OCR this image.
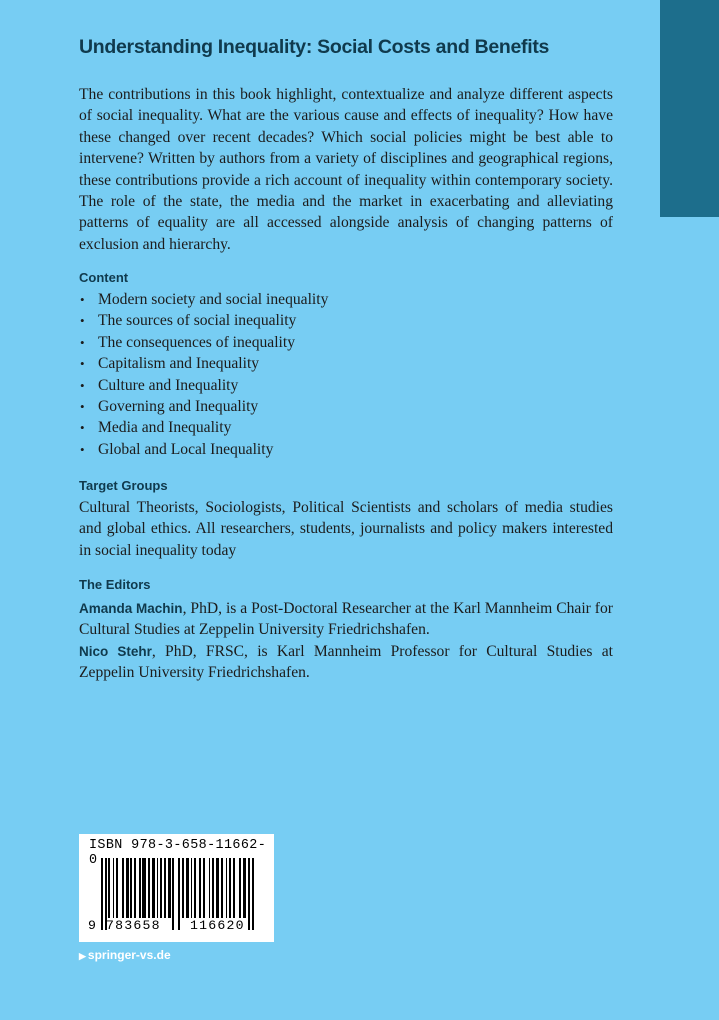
Understanding Inequality: Social Costs and Benefits
The contributions in this book highlight, contextualize and analyze different aspects of social inequality. What are the various cause and effects of inequality? How have these changed over recent decades? Which social policies might be best able to intervene? Written by authors from a variety of disciplines and geographical regions, these contributions provide a rich account of inequality within contemporary society. The role of the state, the media and the market in exacerbating and alleviating patterns of equality are all accessed alongside analysis of changing patterns of exclusion and hierarchy.
Content
• Modern society and social inequality
• The sources of social inequality
• The consequences of inequality
• Capitalism and Inequality
• Culture and Inequality
• Governing and Inequality
• Media and Inequality
• Global and Local Inequality
Target Groups
Cultural Theorists, Sociologists, Political Scientists and scholars of media studies and global ethics. All researchers, students, journalists and policy makers interested in social inequality today
The Editors
Amanda Machin, PhD, is a Post-Doctoral Researcher at the Karl Mannheim Chair for Cultural Studies at Zeppelin University Friedrichshafen.
Nico Stehr, PhD, FRSC, is Karl Mannheim Professor for Cultural Studies at Zeppelin University Friedrichshafen.
ISBN 978-3-658-11662-0
9 783658 116620
▶ springer-vs.de
